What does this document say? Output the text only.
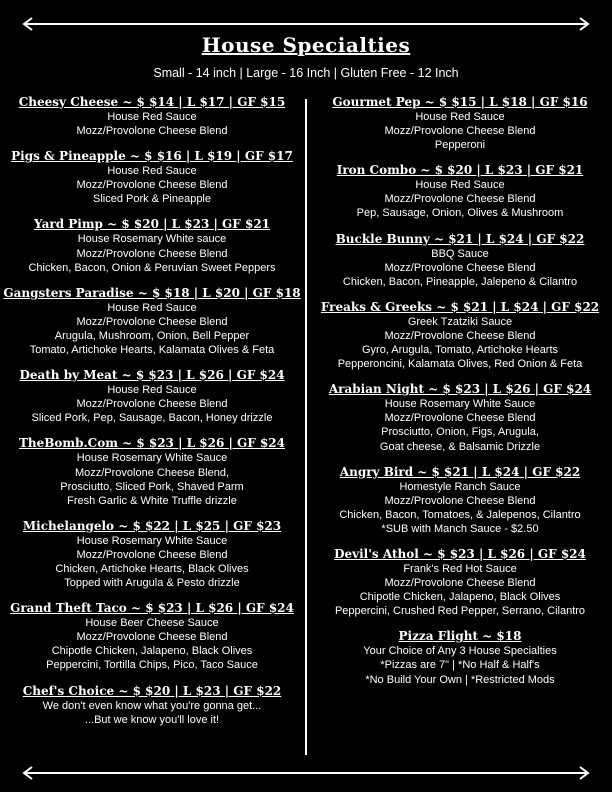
House Specialties
Small - 14 inch | Large - 16 Inch | Gluten Free - 12 Inch
Cheesy Cheese ~ $ $14 | L $17 | GF $15
House Red Sauce
Mozz/Provolone Cheese Blend
Pigs & Pineapple ~ $ $16 | L $19 | GF $17
House Red Sauce
Mozz/Provolone Cheese Blend
Sliced Pork & Pineapple
Yard Pimp ~ $ $20 | L $23 | GF $21
House Rosemary White sauce
Mozz/Provolone Cheese Blend
Chicken, Bacon, Onion & Peruvian Sweet Peppers
Gangsters Paradise ~ $ $18 | L $20 | GF $18
House Red Sauce
Mozz/Provolone Cheese Blend
Arugula, Mushroom, Onion, Bell Pepper
Tomato, Artichoke Hearts, Kalamata Olives & Feta
Death by Meat ~ $ $23 | L $26 | GF $24
House Red Sauce
Mozz/Provolone Cheese Blend
Sliced Pork, Pep, Sausage, Bacon, Honey drizzle
TheBomb.Com ~ $ $23 | L $26 | GF $24
House Rosemary White Sauce
Mozz/Provolone Cheese Blend,
Prosciutto, Sliced Pork, Shaved Parm
Fresh Garlic & White Truffle drizzle
Michelangelo ~ $ $22 | L $25 | GF $23
House Rosemary White Sauce
Mozz/Provolone Cheese Blend
Chicken, Artichoke Hearts, Black Olives
Topped with Arugula & Pesto drizzle
Grand Theft Taco ~ $ $23 | L $26 | GF $24
House Beer Cheese Sauce
Mozz/Provolone Cheese Blend
Chipotle Chicken, Jalapeno, Black Olives
Peppercini, Tortilla Chips, Pico, Taco Sauce
Chef's Choice ~ $ $20 | L $23 | GF $22
We don't even know what you're gonna get...
...But we know you'll love it!
Gourmet Pep ~ $ $15 | L $18 | GF $16
House Red Sauce
Mozz/Provolone Cheese Blend
Pepperoni
Iron Combo ~ $ $20 | L $23 | GF $21
House Red Sauce
Mozz/Provolone Cheese Blend
Pep, Sausage, Onion, Olives & Mushroom
Buckle Bunny ~ $21 | L $24 | GF $22
BBQ Sauce
Mozz/Provolone Cheese Blend
Chicken, Bacon, Pineapple, Jalepeno & Cilantro
Freaks & Greeks ~ $ $21 | L $24 | GF $22
Greek Tzatziki Sauce
Mozz/Provolone Cheese Blend
Gyro, Arugula, Tomato, Artichoke Hearts
Pepperoncini, Kalamata Olives, Red Onion & Feta
Arabian Night ~ $ $23 | L $26 | GF $24
House Rosemary White Sauce
Mozz/Provolone Cheese Blend
Prosciutto, Onion, Figs, Arugula,
Goat cheese, & Balsamic Drizzle
Angry Bird ~ $ $21 | L $24 | GF $22
Homestyle Ranch Sauce
Mozz/Provolone Cheese Blend
Chicken, Bacon, Tomatoes, & Jalepenos, Cilantro
*SUB with Manch Sauce - $2.50
Devil's Athol ~ $ $23 | L $26 | GF $24
Frank's Red Hot Sauce
Mozz/Provolone Cheese Blend
Chipotle Chicken, Jalapeno, Black Olives
Peppercini, Crushed Red Pepper, Serrano, Cilantro
Pizza Flight ~ $18
Your Choice of Any 3 House Specialties
*Pizzas are 7" | *No Half & Half's
*No Build Your Own | *Restricted Mods
